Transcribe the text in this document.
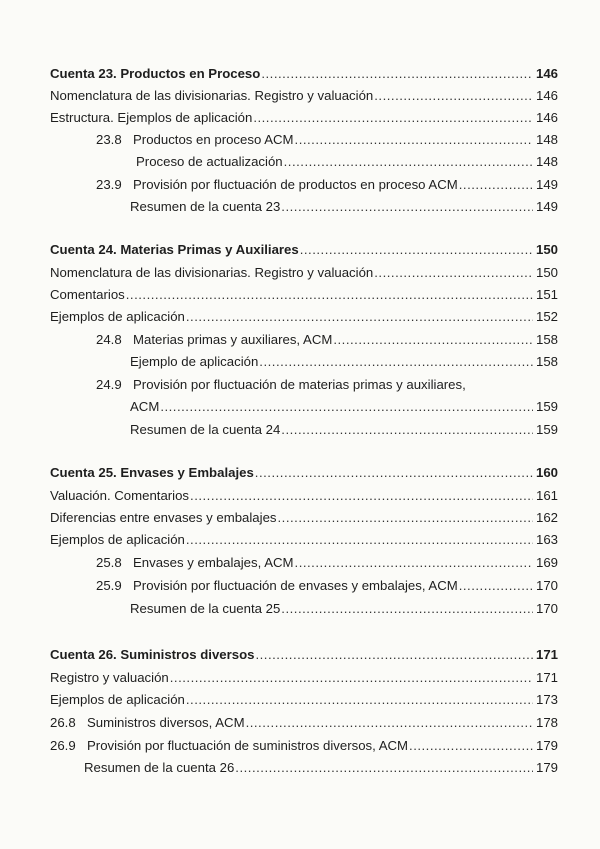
Cuenta 23. Productos en Proceso .....	146
Nomenclatura de las divisionarias. Registro y valuación .....	146
Estructura. Ejemplos de aplicación .....	146
23.8 Productos en proceso ACM .....	148
Proceso de actualización .....	148
23.9 Provisión por fluctuación de productos en proceso ACM .....	149
Resumen de la cuenta 23 .....	149
Cuenta 24. Materias Primas y Auxiliares .....	150
Nomenclatura de las divisionarias. Registro y valuación .....	150
Comentarios .....	151
Ejemplos de aplicación .....	152
24.8 Materias primas y auxiliares, ACM .....	158
Ejemplo de aplicación .....	158
24.9 Provisión por fluctuación de materias primas y auxiliares,
ACM .....	159
Resumen de la cuenta 24 .....	159
Cuenta 25. Envases y Embalajes .....	160
Valuación. Comentarios .....	161
Diferencias entre envases y embalajes .....	162
Ejemplos de aplicación .....	163
25.8 Envases y embalajes, ACM .....	169
25.9 Provisión por fluctuación de envases y embalajes, ACM .....	170
Resumen de la cuenta 25 .....	170
Cuenta 26. Suministros diversos .....	171
Registro y valuación .....	171
Ejemplos de aplicación .....	173
26.8 Suministros diversos, ACM .....	178
26.9 Provisión por fluctuación de suministros diversos, ACM .....	179
Resumen de la cuenta 26 .....	179
